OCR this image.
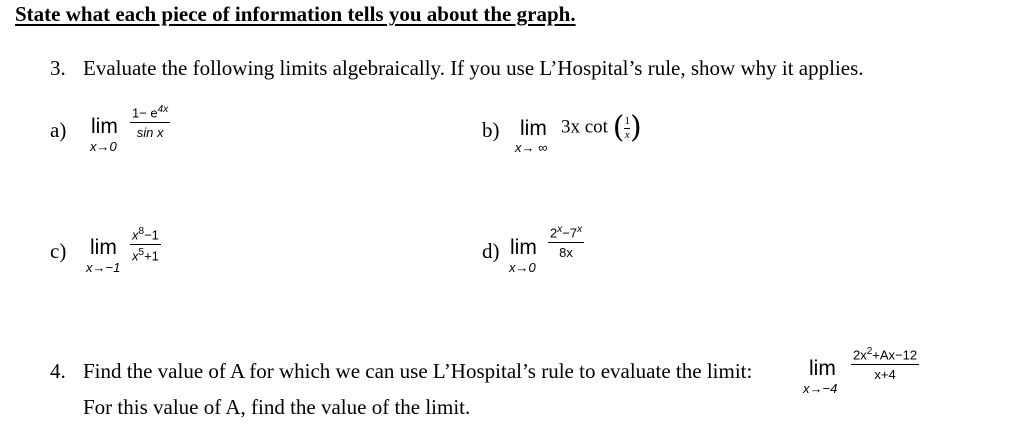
State what each piece of information tells you about the graph.
3. Evaluate the following limits algebraically. If you use L’Hospital’s rule, show why it applies.
a) lim
x→0
$1- e^{4x}$
sin x	b) lim
x→ ∞
3x cot ( $\frac{1}{x}$ )
c) lim
x→−1
$x^8-1$
$x^5+1$	d) lim
x→0
$2^x-7^x$
8x
4. Find the value of A for which we can use L’Hospital’s rule to evaluate the limit:	lim
x→−4
$2x^2+Ax-12$
x+4
For this value of A, find the value of the limit.
